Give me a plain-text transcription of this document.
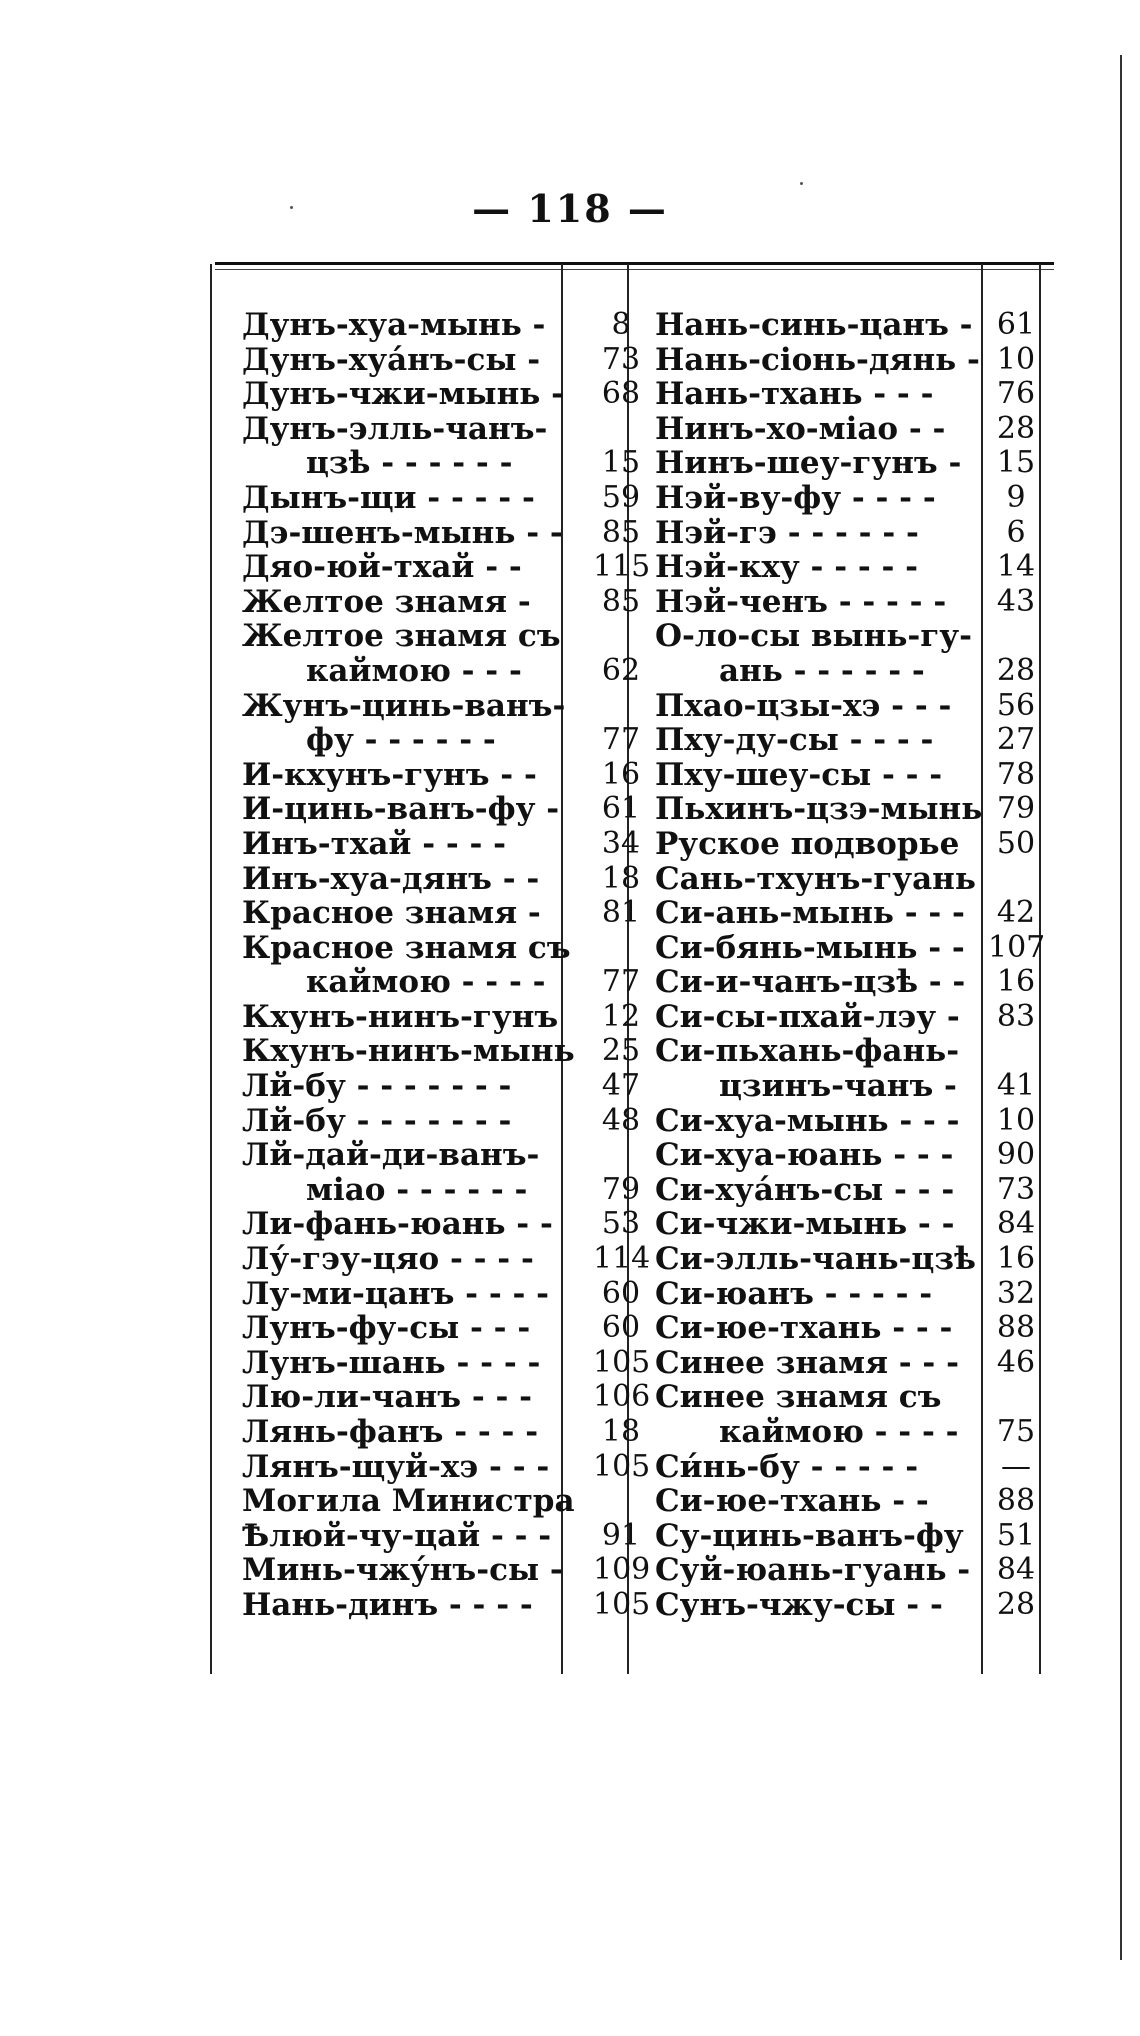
— 118 —
Дунъ-хуа-мынь -	8
Дунъ-хуа́нъ-сы - 73
Дунъ-чжи-мынь - 68
Дунъ-элль-чанъ-
цзѣ - - - - - -	15
Дынъ-щи - - - - - 59
Дэ-шенъ-мынь - - 85
Дяо-юй-тхай - - 115
Желтое знамя - 85
Желтое знамя съ
каймою - - -	62
Жунъ-цинь-ванъ-
фу - - - - - -	77
И-кхунъ-гунъ - - 16
И-цинь-ванъ-фу - 61
Инъ-тхай - - - -	34
Инъ-хуа-дянъ - - 18
Красное знамя - 81
Красное знамя съ
каймою - - - - 77
Кхунъ-нинъ-гунъ 12
Кхунъ-нинъ-мынь 25
Лй-бу - - - - - - -	47
Лй-бу - - - - - - -	48
Лй-дай-ди-ванъ-
міао - - - - - - 79
Ли-фань-юань - - 53
Лу́-гэу-цяо - - - - 114
Лу-ми-цанъ - - - - 60
Лунъ-фу-сы - - - 60
Лунъ-шань - - - - 105
Лю-ли-чанъ - - - 106
Лянь-фанъ - - - - 18
Лянъ-щуй-хэ - - - 105
Могила Министра
Ѣлюй-чу-цай - - - 91
Минь-чжу́нъ-сы - 109
Нань-динъ - - - - 105
Нань-синь-цанъ - 61
Нань-сіонь-дянь - 10
Нань-тхань - - - 76
Нинъ-хо-міао - - 28
Нинъ-шеу-гунъ - 15
Нэй-ву-фу - - - -	9
Нэй-гэ - - - - - -	6
Нэй-кху - - - - -	14
Нэй-ченъ - - - - - 43
О-ло-сы вынь-гу-
ань - - - - - - 28
Пхао-цзы-хэ - - - 56
Пху-ду-сы - - - - 27
Пху-шеу-сы - - - 78
Пьхинъ-цзэ-мынь 79
Руское подворье 50
Сань-тхунъ-гуань
Си-ань-мынь - - - 42
Си-бянь-мынь - - 107
Си-и-чанъ-цзѣ - - 16
Си-сы-пхай-лэу - 83
Си-пьхань-фань-
цзинъ-чанъ - 41
Си-хуа-мынь - - - 10
Си-хуа-юань - - - 90
Си-хуа́нъ-сы - - - 73
Си-чжи-мынь - - 84
Си-элль-чань-цзѣ 16
Си-юанъ - - - - - 32
Си-юе-тхань - - - 88
Синее знамя - - - 46
Синее знамя съ
каймою - - - - 75
Си́нь-бу - - - - -	—
Си-юе-тхань - - 88
Су-цинь-ванъ-фу 51
Суй-юань-гуань - 84
Сунъ-чжу-сы - - 28
